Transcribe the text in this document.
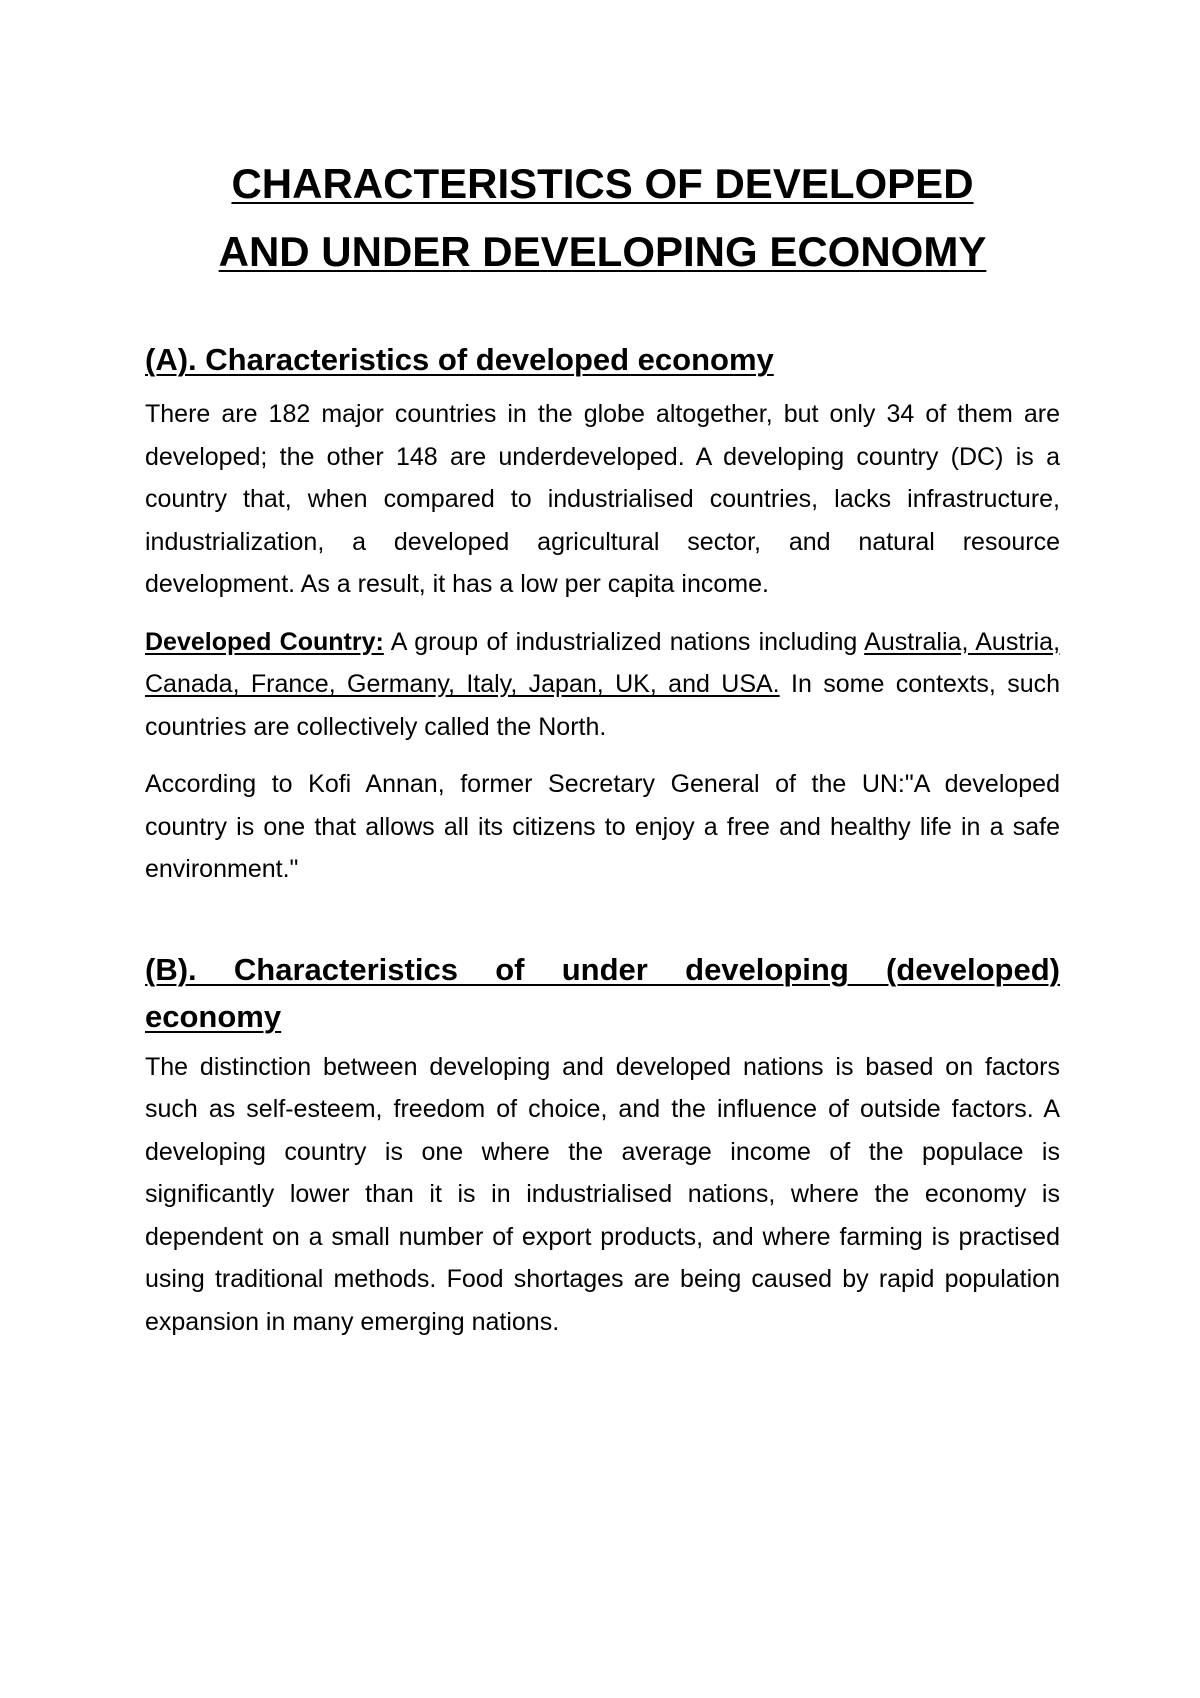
CHARACTERISTICS OF DEVELOPED
AND UNDER DEVELOPING ECONOMY
(A). Characteristics of developed economy

There are 182 major countries in the globe altogether, but only 34 of them are developed; the other 148 are underdeveloped. A developing country (DC) is a country that, when compared to industrialised countries, lacks infrastructure, industrialization, a developed agricultural sector, and natural resource development. As a result, it has a low per capita income.

Developed Country: A group of industrialized nations including Australia, Austria, Canada, France, Germany, Italy, Japan, UK, and USA. In some contexts, such countries are collectively called the North.

According to Kofi Annan, former Secretary General of the UN:"A developed country is one that allows all its citizens to enjoy a free and healthy life in a safe environment."

(B). Characteristics of under developing (developed) economy

The distinction between developing and developed nations is based on factors such as self-esteem, freedom of choice, and the influence of outside factors. A developing country is one where the average income of the populace is significantly lower than it is in industrialised nations, where the economy is dependent on a small number of export products, and where farming is practised using traditional methods. Food shortages are being caused by rapid population expansion in many emerging nations.
